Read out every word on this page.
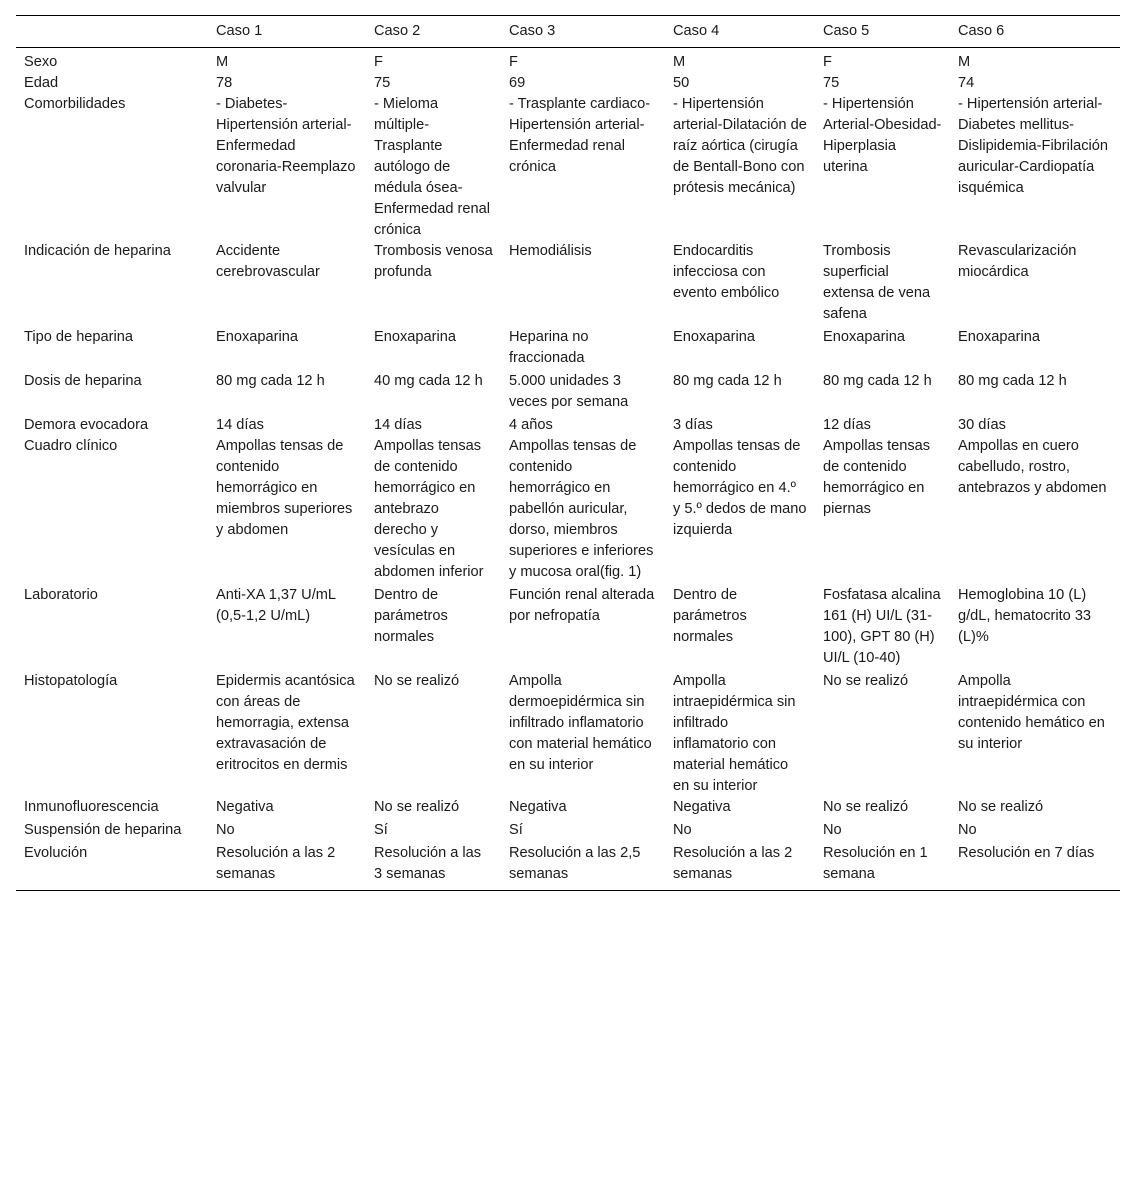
	Caso 1	Caso 2	Caso 3	Caso 4	Caso 5	Caso 6
Sexo	M	F	F	M	F	M
Edad	78	75	69	50	75	74
Comorbilidades	- Diabetes-Hipertensión arterial-Enfermedad coronaria-Reemplazo valvular	- Mieloma múltiple-Trasplante autólogo de médula ósea-Enfermedad renal crónica	- Trasplante cardiaco-Hipertensión arterial-Enfermedad renal crónica	- Hipertensión arterial-Dilatación de raíz aórtica (cirugía de Bentall-Bono con prótesis mecánica)	- Hipertensión Arterial-Obesidad-Hiperplasia uterina	- Hipertensión arterial- Diabetes mellitus-Dislipidemia-Fibrilación auricular-Cardiopatía isquémica
Indicación de heparina	Accidente cerebrovascular	Trombosis venosa profunda	Hemodiálisis	Endocarditis infecciosa con evento embólico	Trombosis superficial extensa de vena safena	Revascularización miocárdica
Tipo de heparina	Enoxaparina	Enoxaparina	Heparina no fraccionada	Enoxaparina	Enoxaparina	Enoxaparina
Dosis de heparina	80 mg cada 12 h	40 mg cada 12 h	5.000 unidades 3 veces por semana	80 mg cada 12 h	80 mg cada 12 h	80 mg cada 12 h
Demora evocadora	14 días	14 días	4 años	3 días	12 días	30 días
Cuadro clínico	Ampollas tensas de contenido hemorrágico en miembros superiores y abdomen	Ampollas tensas de contenido hemorrágico en antebrazo derecho y vesículas en abdomen inferior	Ampollas tensas de contenido hemorrágico en pabellón auricular, dorso, miembros superiores e inferiores y mucosa oral(fig. 1)	Ampollas tensas de contenido hemorrágico en 4.º y 5.º dedos de mano izquierda	Ampollas tensas de contenido hemorrágico en piernas	Ampollas en cuero cabelludo, rostro, antebrazos y abdomen
Laboratorio	Anti-XA 1,37 U/mL (0,5-1,2 U/mL)	Dentro de parámetros normales	Función renal alterada por nefropatía	Dentro de parámetros normales	Fosfatasa alcalina 161 (H) UI/L (31-100), GPT 80 (H) UI/L (10-40)	Hemoglobina 10 (L) g/dL, hematocrito 33 (L)%
Histopatología	Epidermis acantósica con áreas de hemorragia, extensa extravasación de eritrocitos en dermis	No se realizó	Ampolla dermoepidérmica sin infiltrado inflamatorio con material hemático en su interior	Ampolla intraepidérmica sin infiltrado inflamatorio con material hemático en su interior	No se realizó	Ampolla intraepidérmica con contenido hemático en su interior
Inmunofluorescencia	Negativa	No se realizó	Negativa	Negativa	No se realizó	No se realizó
Suspensión de heparina	No	Sí	Sí	No	No	No
Evolución	Resolución a las 2 semanas	Resolución a las 3 semanas	Resolución a las 2,5 semanas	Resolución a las 2 semanas	Resolución en 1 semana	Resolución en 7 días
